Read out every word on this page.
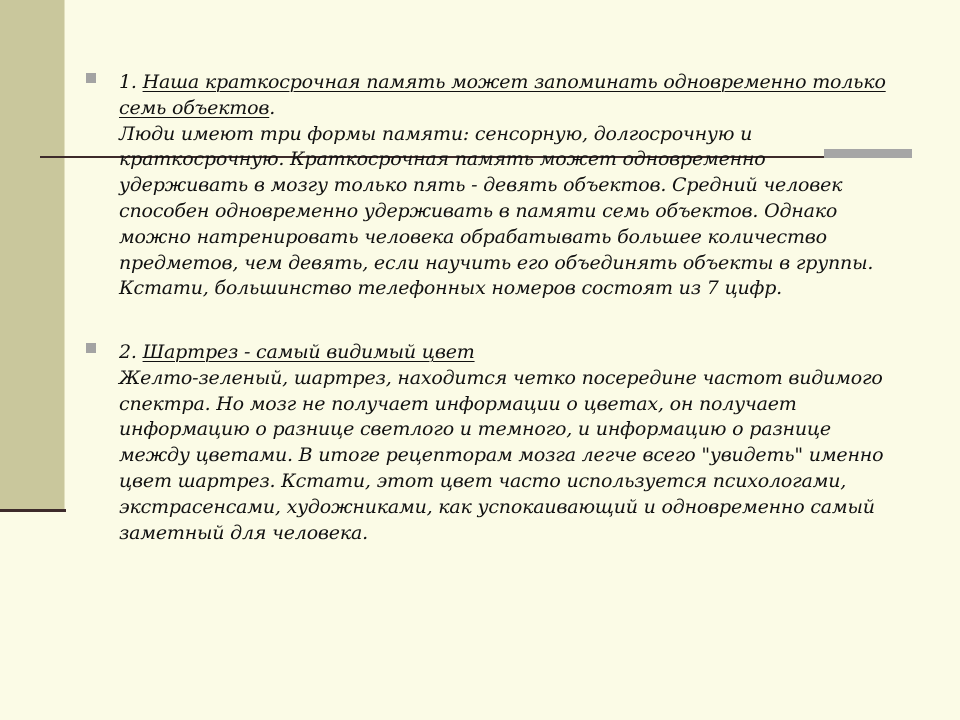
1. Наша краткосрочная память может запоминать одновременно только
семь объектов.
Люди имеют три формы памяти: сенсорную, долгосрочную и
краткосрочную. Краткосрочная память может одновременно
удерживать в мозгу только пять - девять объектов. Средний человек
способен одновременно удерживать в памяти семь объектов. Однако
можно натренировать человека обрабатывать большее количество
предметов, чем девять, если научить его объединять объекты в группы.
Кстати, большинство телефонных номеров состоят из 7 цифр.
2. Шартрез - самый видимый цвет
Желто-зеленый, шартрез, находится четко посередине частот видимого
спектра. Но мозг не получает информации о цветах, он получает
информацию о разнице светлого и темного, и информацию о разнице
между цветами. В итоге рецепторам мозга легче всего "увидеть" именно
цвет шартрез. Кстати, этот цвет часто используется психологами,
экстрасенсами, художниками, как успокаивающий и одновременно самый
заметный для человека.
